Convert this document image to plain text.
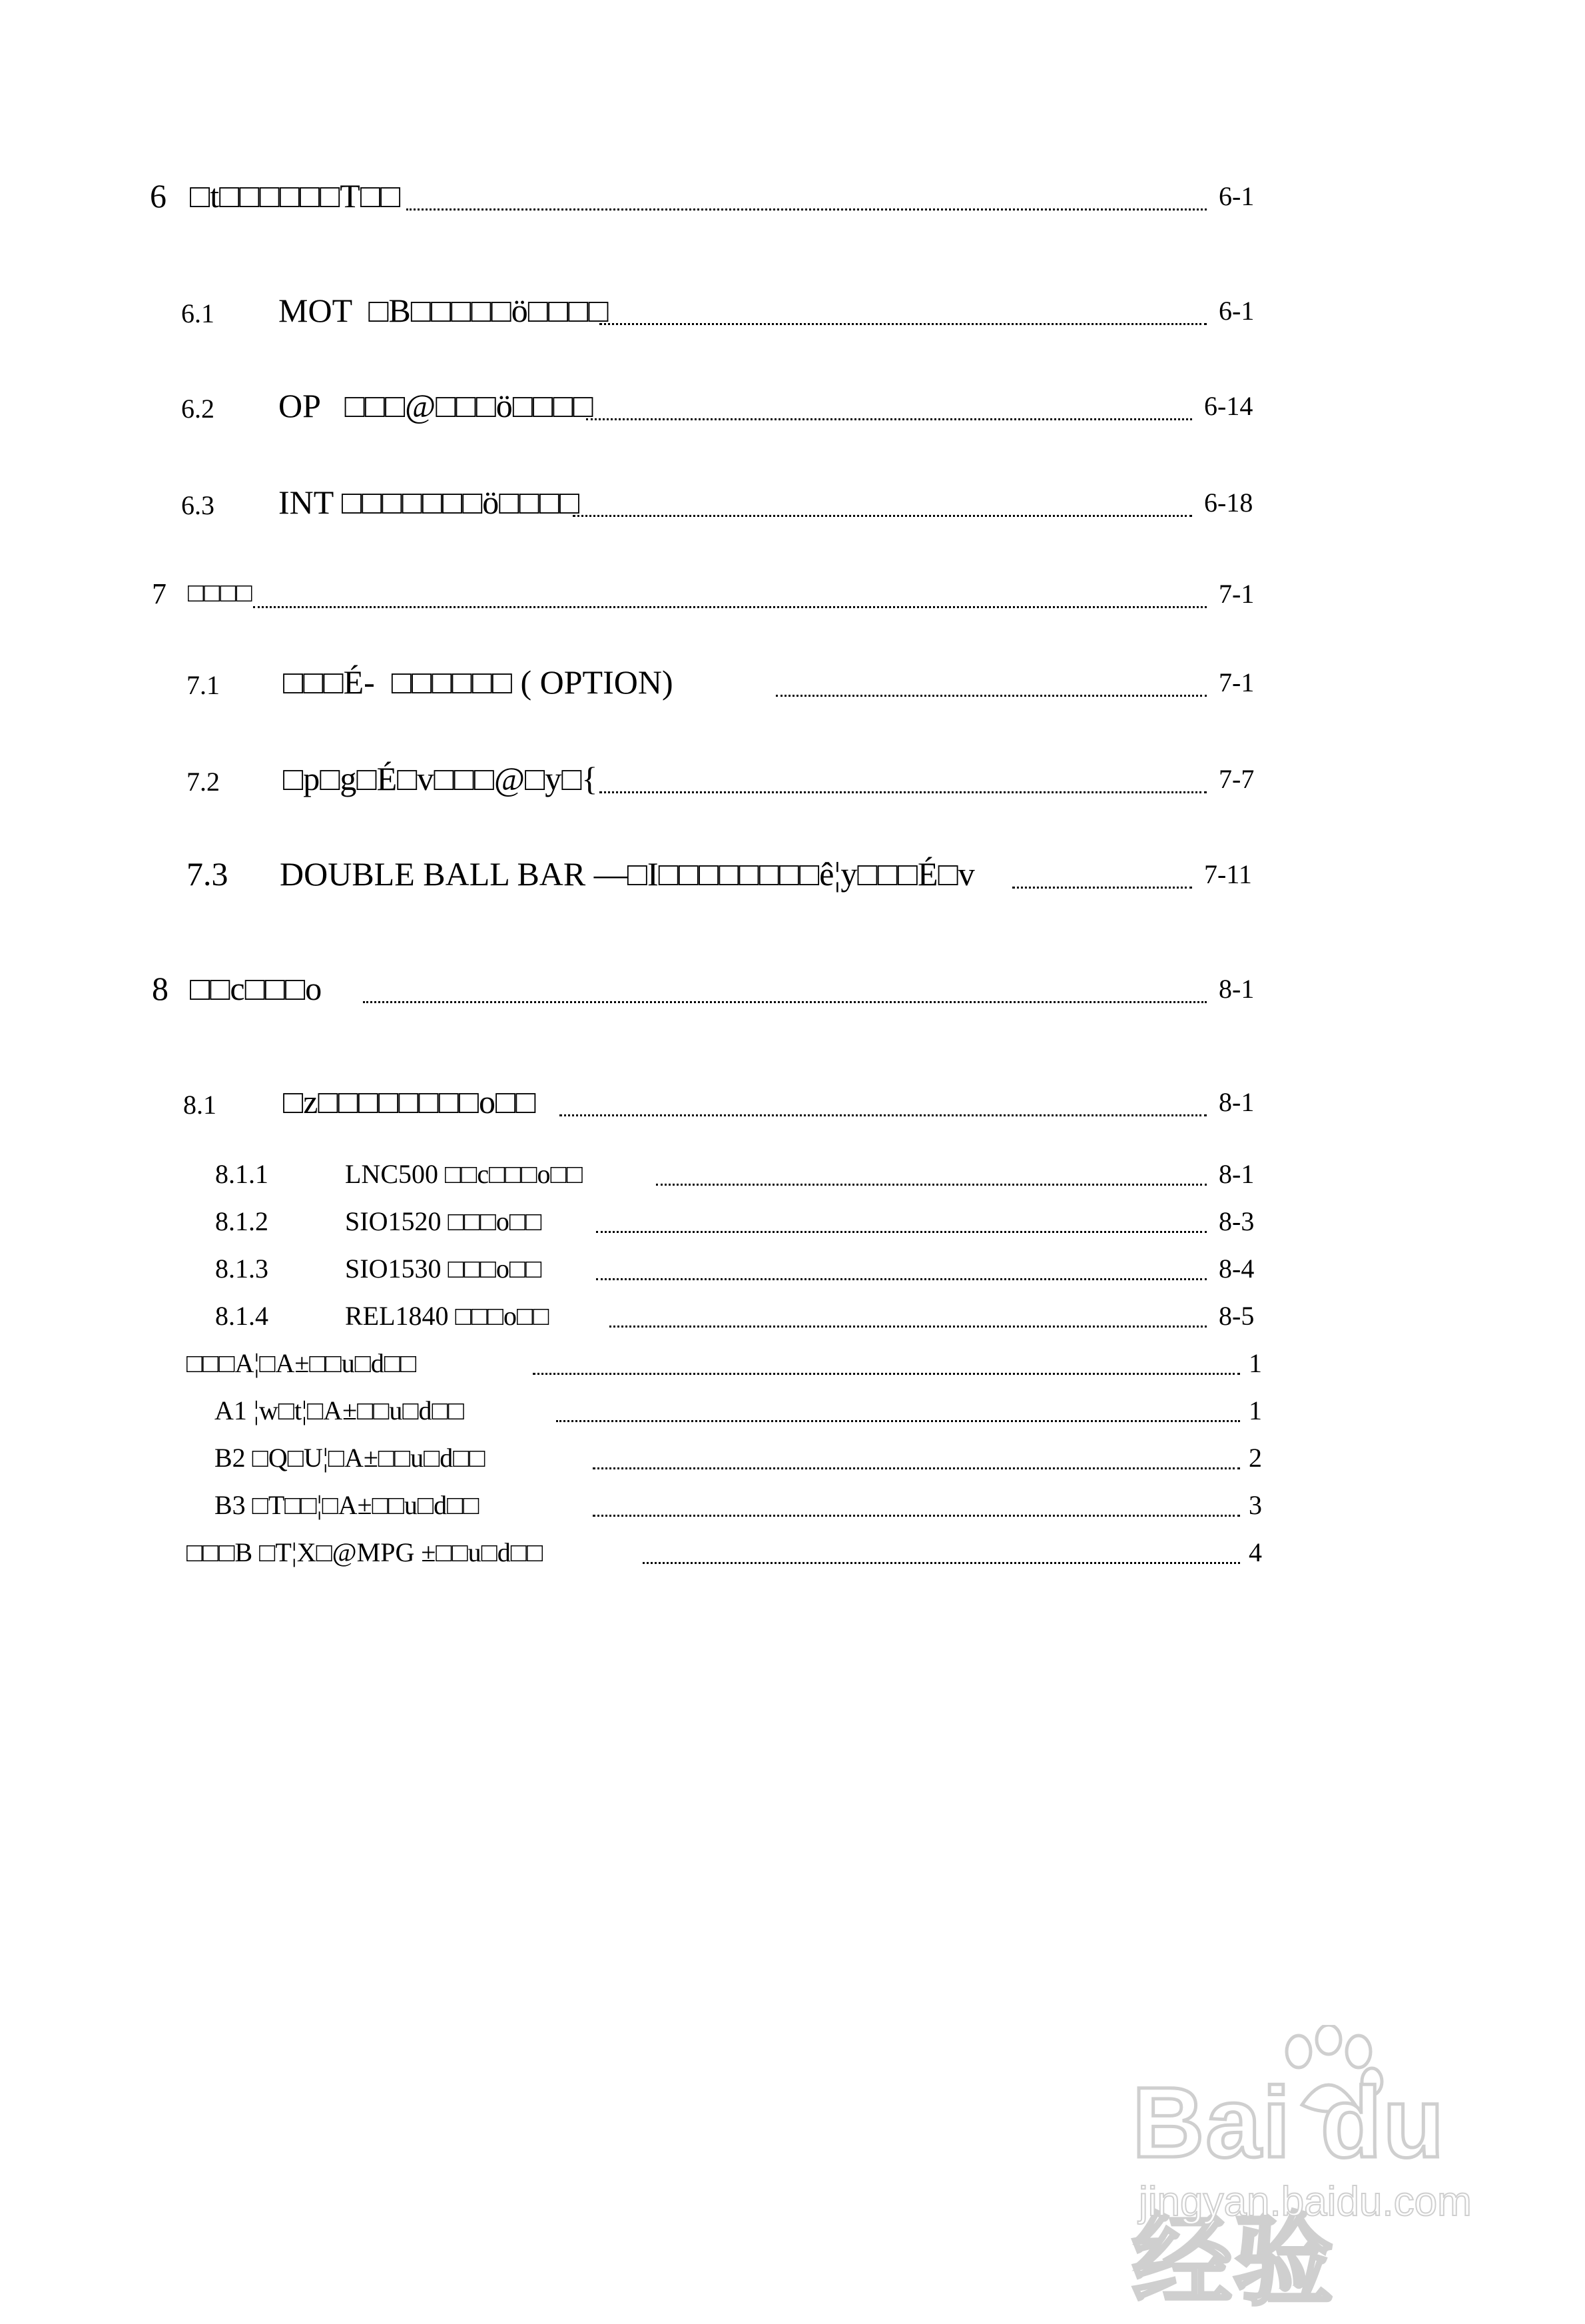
6 □t□□□□□□T□□	6-1
6.1 MOT  □B□□□□□ö□□□□	6-1
6.2 OP   □□□@□□□ö□□□□	6-14
6.3 INT □□□□□□□ö□□□□	6-18
7 □□□□	7-1
7.1 □□□É-  □□□□□□ ( OPTION)	7-1
7.2 □p□g□É□v□□□@□y□{	7-7
7.3 DOUBLE BALL BAR —□I□□□□□□□□ê¦y□□□É□v	7-11
8 □□c□□□o	8-1
8.1 □z□□□□□□□□o□□	8-1
8.1.1	LNC500 □□c□□□o□□	8-1
8.1.2	SIO1520 □□□o□□	8-3
8.1.3	SIO1530 □□□o□□	8-4
8.1.4	REL1840 □□□o□□	8-5
□□□A¦□A±□□u□d□□	1
A1 ¦w□t¦□A±□□u□d□□	1
B2 □Q□U¦□A±□□u□d□□	2
B3 □T□□¦□A±□□u□d□□	3
□□□B □T¦X□@MPG ±□□u□d□□	4
Bai du 经验
jingyan.baidu.com
